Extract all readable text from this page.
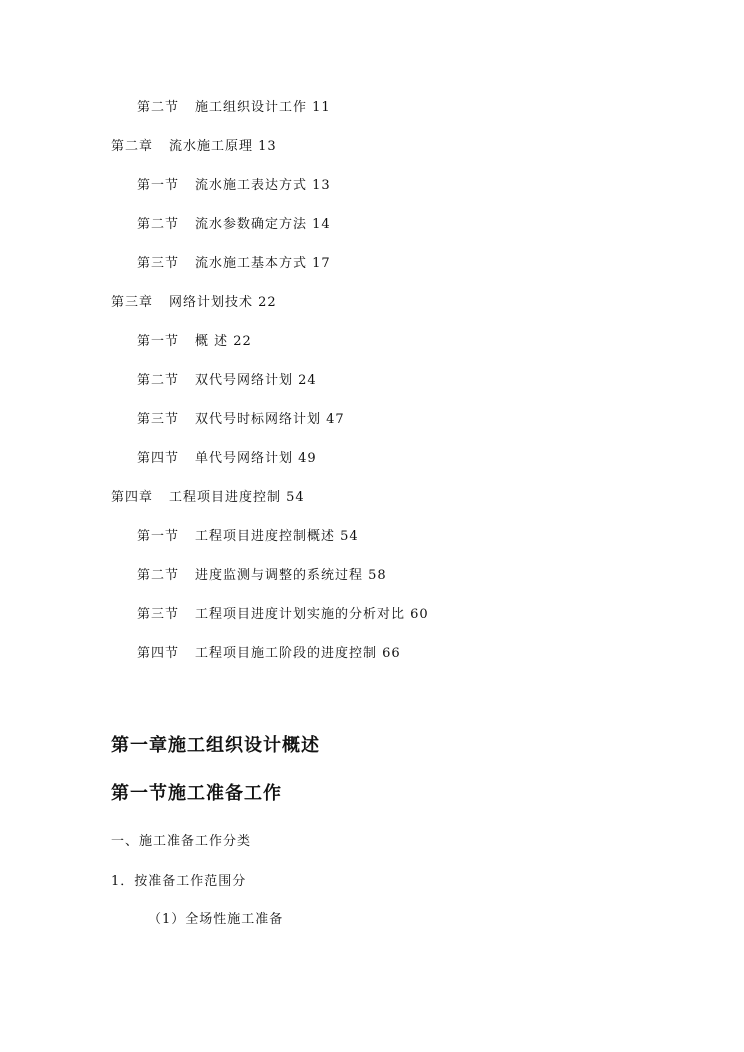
第二节 施工组织设计工作 11
第二章 流水施工原理 13
第一节 流水施工表达方式 13
第二节 流水参数确定方法 14
第三节 流水施工基本方式 17
第三章 网络计划技术 22
第一节 概 述 22
第二节 双代号网络计划 24
第三节 双代号时标网络计划 47
第四节 单代号网络计划 49
第四章 工程项目进度控制 54
第一节 工程项目进度控制概述 54
第二节 进度监测与调整的系统过程 58
第三节 工程项目进度计划实施的分析对比 60
第四节 工程项目施工阶段的进度控制 66
第一章施工组织设计概述
第一节施工准备工作
一、施工准备工作分类
1．按准备工作范围分
（1）全场性施工准备
